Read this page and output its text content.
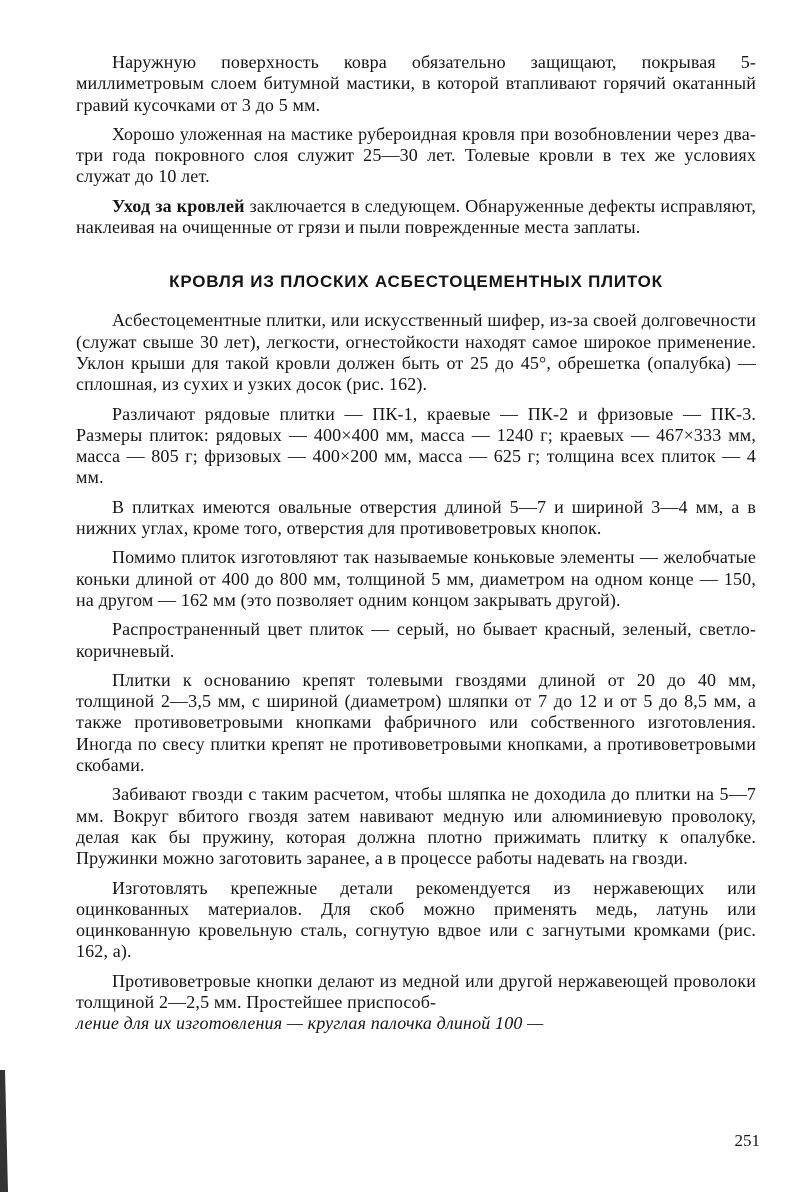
Наружную поверхность ковра обязательно защищают, покрывая 5-миллиметровым слоем битумной мастики, в которой втапливают горячий окатанный гравий кусочками от 3 до 5 мм.

Хорошо уложенная на мастике рубероидная кровля при возобновлении через два-три года покровного слоя служит 25—30 лет. Толевые кровли в тех же условиях служат до 10 лет.

Уход за кровлей заключается в следующем. Обнаруженные дефекты исправляют, наклеивая на очищенные от грязи и пыли поврежденные места заплаты.

КРОВЛЯ ИЗ ПЛОСКИХ АСБЕСТОЦЕМЕНТНЫХ ПЛИТОК

Асбестоцементные плитки, или искусственный шифер, из-за своей долговечности (служат свыше 30 лет), легкости, огнестойкости находят самое широкое применение. Уклон крыши для такой кровли должен быть от 25 до 45°, обрешетка (опалубка) — сплошная, из сухих и узких досок (рис. 162).

Различают рядовые плитки — ПК-1, краевые — ПК-2 и фризовые — ПК-3. Размеры плиток: рядовых — 400×400 мм, масса — 1240 г; краевых — 467×333 мм, масса — 805 г; фризовых — 400×200 мм, масса — 625 г; толщина всех плиток — 4 мм.

В плитках имеются овальные отверстия длиной 5—7 и шириной 3—4 мм, а в нижних углах, кроме того, отверстия для противоветровых кнопок.

Помимо плиток изготовляют так называемые коньковые элементы — желобчатые коньки длиной от 400 до 800 мм, толщиной 5 мм, диаметром на одном конце — 150, на другом — 162 мм (это позволяет одним концом закрывать другой).

Распространенный цвет плиток — серый, но бывает красный, зеленый, светло-коричневый.

Плитки к основанию крепят толевыми гвоздями длиной от 20 до 40 мм, толщиной 2—3,5 мм, с шириной (диаметром) шляпки от 7 до 12 и от 5 до 8,5 мм, а также противоветровыми кнопками фабричного или собственного изготовления. Иногда по свесу плитки крепят не противоветровыми кнопками, а противоветровыми скобами.

Забивают гвозди с таким расчетом, чтобы шляпка не доходила до плитки на 5—7 мм. Вокруг вбитого гвоздя затем навивают медную или алюминиевую проволоку, делая как бы пружину, которая должна плотно прижимать плитку к опалубке. Пружинки можно заготовить заранее, а в процессе работы надевать на гвозди.

Изготовлять крепежные детали рекомендуется из нержавеющих или оцинкованных материалов. Для скоб можно применять медь, латунь или оцинкованную кровельную сталь, согнутую вдвое или с загнутыми кромками (рис. 162, а).

Противоветровые кнопки делают из медной или другой нержавеющей проволоки толщиной 2—2,5 мм. Простейшее приспособ-
ление для их изготовления — круглая палочка длиной 100 —

251
